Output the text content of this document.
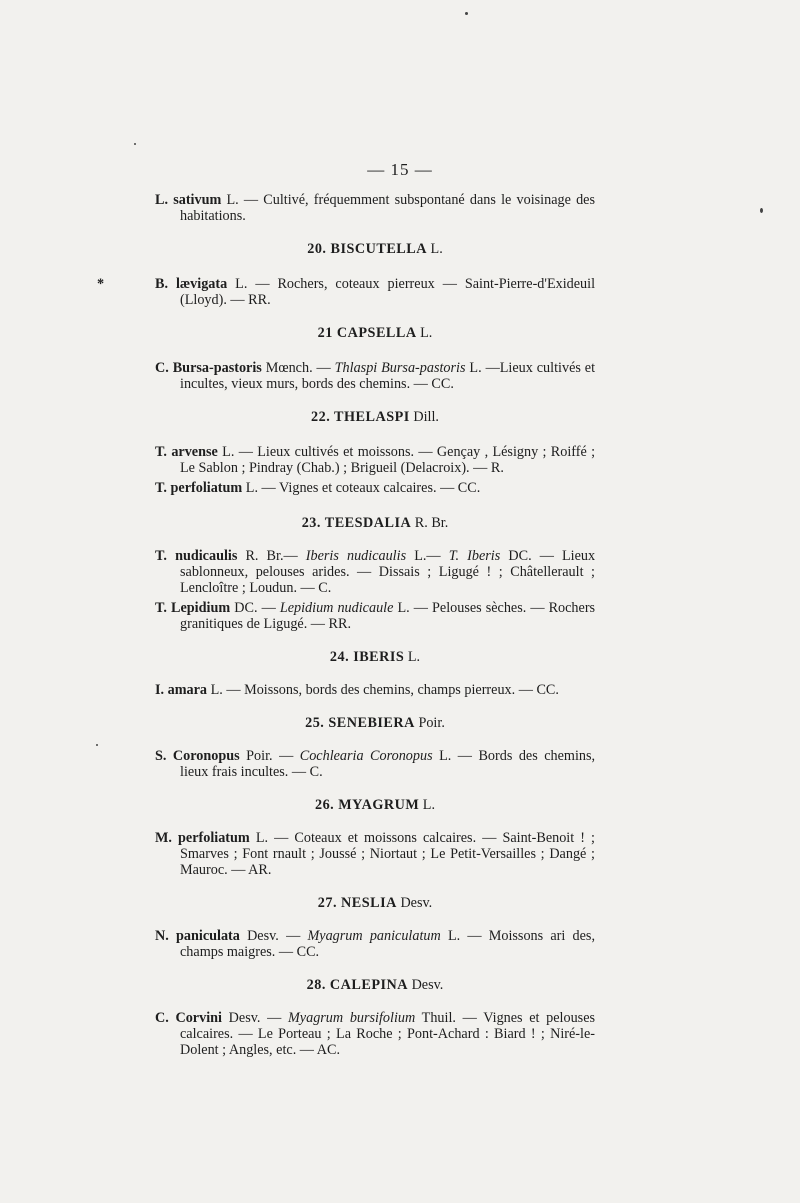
— 15 —

L. sativum L. — Cultivé, fréquemment subspontané dans le voisinage des habitations.

20. BISCUTELLA L.

*	B. lævigata L. — Rochers, coteaux pierreux — Saint-Pierre-d'Exideuil (Lloyd). — RR.

21 CAPSELLA L.

C. Bursa-pastoris Mœnch. — Thlaspi Bursa-pastoris L. —Lieux cultivés et incultes, vieux murs, bords des chemins. — CC.

22. THELASPI Dill.

T. arvense L. — Lieux cultivés et moissons. — Gençay , Lésigny ; Roiffé ; Le Sablon ; Pindray (Chab.) ; Brigueil (Delacroix). — R.

T. perfoliatum L. — Vignes et coteaux calcaires. — CC.

23. TEESDALIA R. Br.

T. nudicaulis R. Br.— Iberis nudicaulis L.— T. Iberis DC. — Lieux sablonneux, pelouses arides. — Dissais ; Ligugé ! ; Châtellerault ; Lencloître ; Loudun. — C.

T. Lepidium DC. — Lepidium nudicaule L. — Pelouses sèches. — Rochers granitiques de Ligugé. — RR.

24. IBERIS L.

I. amara L. — Moissons, bords des chemins, champs pierreux. — CC.

25. SENEBIERA Poir.

S. Coronopus Poir. — Cochlearia Coronopus L. — Bords des chemins, lieux frais incultes. — C.

26. MYAGRUM L.

M. perfoliatum L. — Coteaux et moissons calcaires. — Saint-Benoit ! ; Smarves ; Font rnault ; Joussé ; Niortaut ; Le Petit-Versailles ; Dangé ; Mauroc. — AR.

27. NESLIA Desv.

N. paniculata Desv. — Myagrum paniculatum L. — Moissons ari des, champs maigres. — CC.

28. CALEPINA Desv.

C. Corvini Desv. — Myagrum bursifolium Thuil. — Vignes et pelouses calcaires. — Le Porteau ; La Roche ; Pont-Achard : Biard ! ; Niré-le-Dolent ; Angles, etc. — AC.
